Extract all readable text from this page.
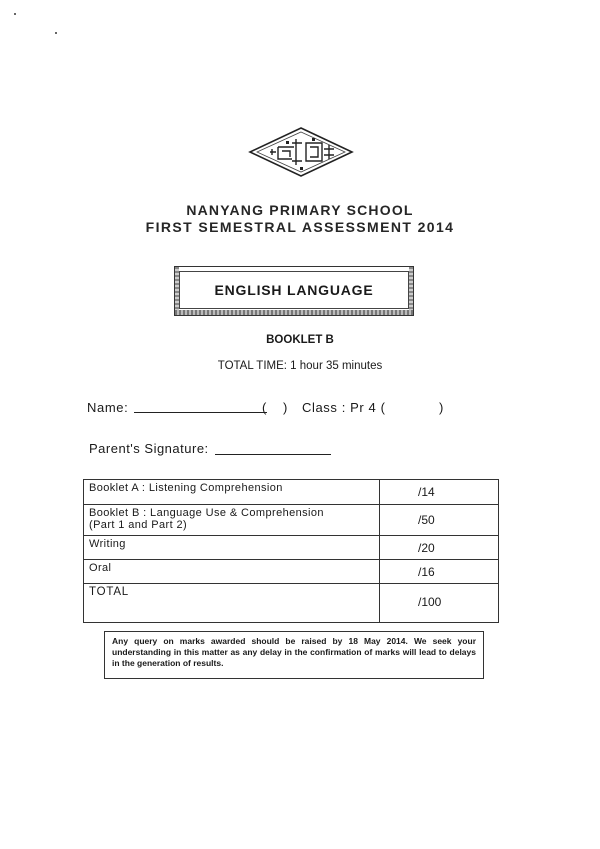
NANYANG PRIMARY SCHOOL
FIRST SEMESTRAL ASSESSMENT 2014
ENGLISH LANGUAGE
BOOKLET B
TOTAL TIME: 1 hour 35 minutes
Name:	( ) Class : Pr 4 (	)
Parent's Signature:
Booklet A : Listening Comprehension	/14

Booklet B : Language Use & Comprehension
(Part 1 and Part 2)	/50

Writing	/20

Oral	/16

TOTAL	/100
Any query on marks awarded should be raised by 18 May 2014. We seek your understanding in this matter as any delay in the confirmation of marks will lead to delays in the generation of results.
